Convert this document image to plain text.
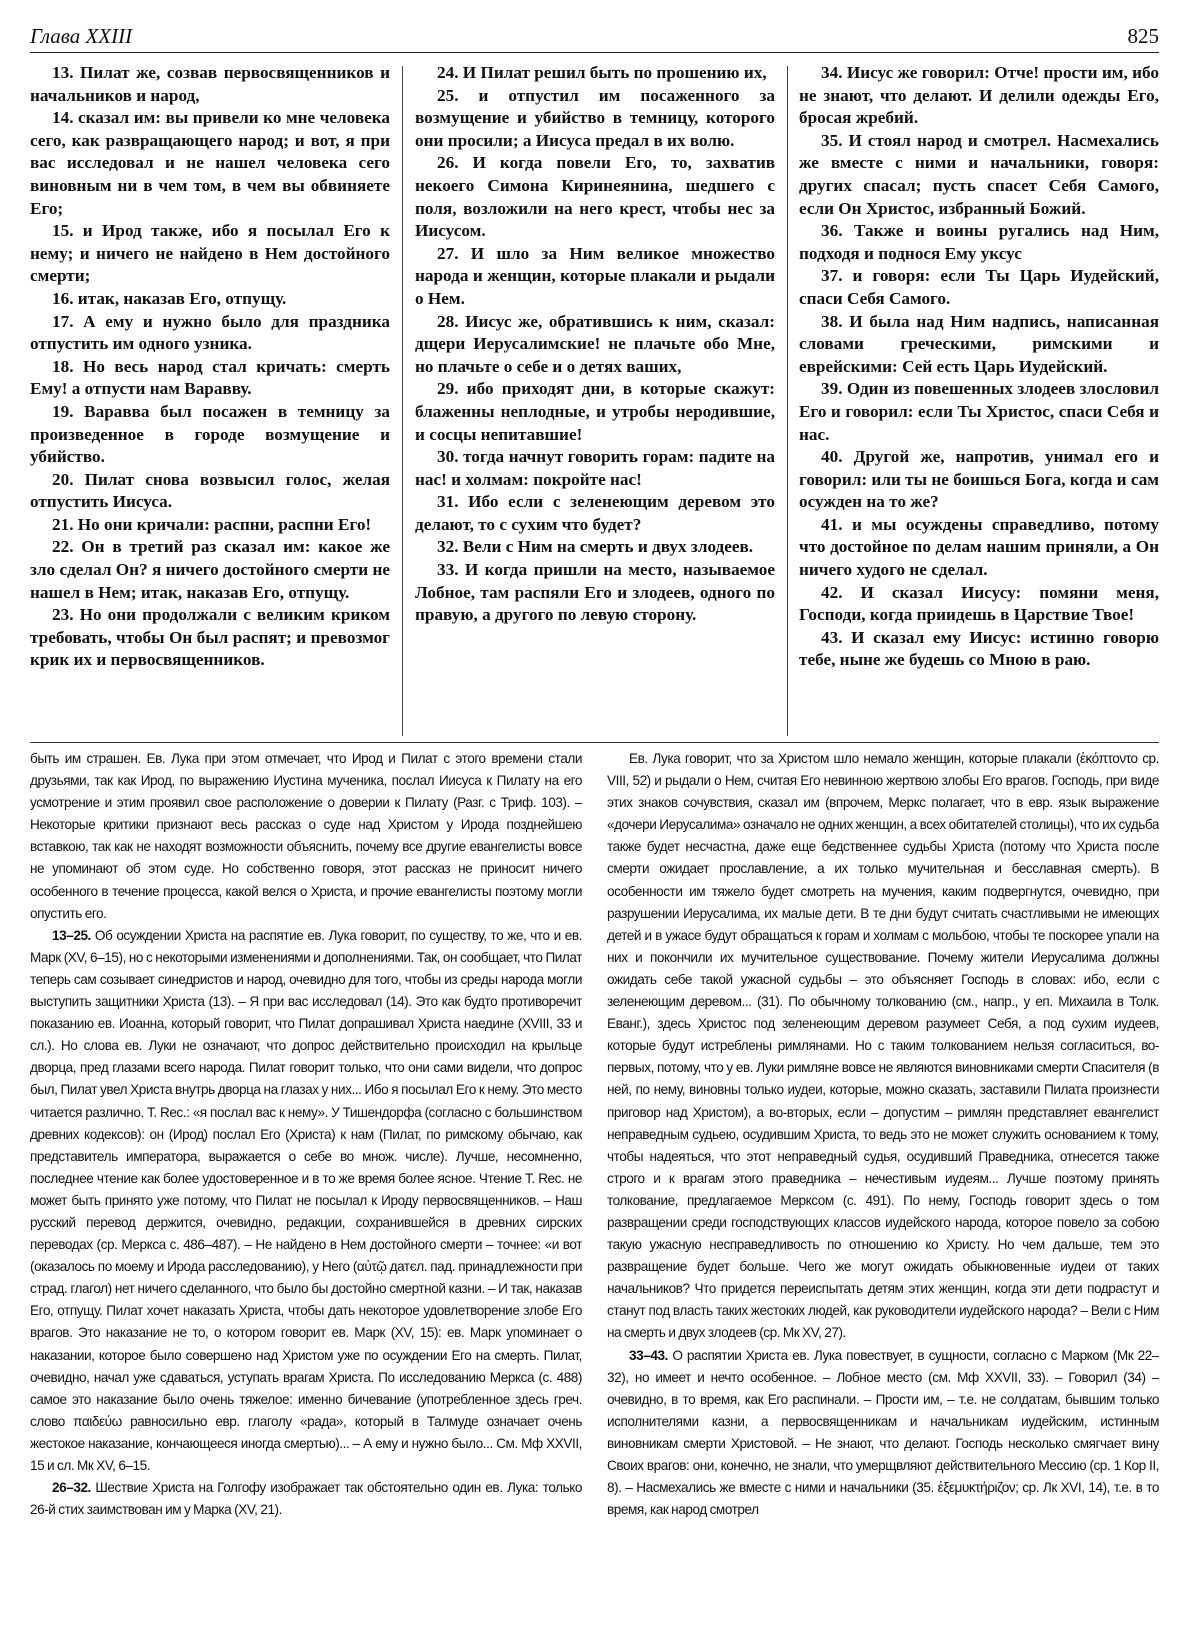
Глава XXIII	825

13. Пилат же, созвав первосвященников и начальников и народ,

14. сказал им: вы привели ко мне человека сего, как развращающего народ; и вот, я при вас исследовал и не нашел человека сего виновным ни в чем том, в чем вы обвиняете Его;

15. и Ирод также, ибо я посылал Его к нему; и ничего не найдено в Нем достойного смерти;

16. итак, наказав Его, отпущу.

17. А ему и нужно было для праздника отпустить им одного узника.

18. Но весь народ стал кричать: смерть Ему! а отпусти нам Варавву.

19. Варавва был посажен в темницу за произведенное в городе возмущение и убийство.

20. Пилат снова возвысил голос, желая отпустить Иисуса.

21. Но они кричали: распни, распни Его!

22. Он в третий раз сказал им: какое же зло сделал Он? я ничего достойного смерти не нашел в Нем; итак, наказав Его, отпущу.

23. Но они продолжали с великим криком требовать, чтобы Он был распят; и превозмог крик их и первосвященников.

24. И Пилат решил быть по прошению их,

25. и отпустил им посаженного за возмущение и убийство в темницу, которого они просили; а Иисуса предал в их волю.

26. И когда повели Его, то, захватив некоего Симона Киринеянина, шедшего с поля, возложили на него крест, чтобы нес за Иисусом.

27. И шло за Ним великое множество народа и женщин, которые плакали и рыдали о Нем.

28. Иисус же, обратившись к ним, сказал: дщери Иерусалимские! не плачьте обо Мне, но плачьте о себе и о детях ваших,

29. ибо приходят дни, в которые скажут: блаженны неплодные, и утробы неродившие, и сосцы непитавшие!

30. тогда начнут говорить горам: падите на нас! и холмам: покройте нас!

31. Ибо если с зеленеющим деревом это делают, то с сухим что будет?

32. Вели с Ним на смерть и двух злодеев.

33. И когда пришли на место, называемое Лобное, там распяли Его и злодеев, одного по правую, а другого по левую сторону.

34. Иисус же говорил: Отче! прости им, ибо не знают, что делают. И делили одежды Его, бросая жребий.

35. И стоял народ и смотрел. Насмехались же вместе с ними и начальники, говоря: других спасал; пусть спасет Себя Самого, если Он Христос, избранный Божий.

36. Также и воины ругались над Ним, подходя и поднося Ему уксус

37. и говоря: если Ты Царь Иудейский, спаси Себя Самого.

38. И была над Ним надпись, написанная словами греческими, римскими и еврейскими: Сей есть Царь Иудейский.

39. Один из повешенных злодеев злословил Его и говорил: если Ты Христос, спаси Себя и нас.

40. Другой же, напротив, унимал его и говорил: или ты не боишься Бога, когда и сам осужден на то же?

41. и мы осуждены справедливо, потому что достойное по делам нашим приняли, а Он ничего худого не сделал.

42. И сказал Иисусу: помяни меня, Господи, когда приидешь в Царствие Твое!

43. И сказал ему Иисус: истинно говорю тебе, ныне же будешь со Мною в раю.

быть им страшен. Ев. Лука при этом отмечает, что Ирод и Пилат с этого времени стали друзьями, так как Ирод, по выражению Иустина мученика, послал Иисуса к Пилату на его усмотрение и этим проявил свое расположение о доверии к Пилату (Разг. с Триф. 103). – Некоторые критики признают весь рассказ о суде над Христом у Ирода позднейшею вставкою, так как не находят возможности объяснить, почему все другие евангелисты вовсе не упоминают об этом суде. Но собственно говоря, этот рассказ не приносит ничего особенного в течение процесса, какой велся о Христа, и прочие евангелисты поэтому могли опустить его.

13–25. Об осуждении Христа на распятие ев. Лука говорит, по существу, то же, что и ев. Марк (XV, 6–15), но с некоторыми изменениями и дополнениями. Так, он сообщает, что Пилат теперь сам созывает синедристов и народ, очевидно для того, чтобы из среды народа могли выступить защитники Христа (13). – Я при вас исследовал (14). Это как будто противоречит показанию ев. Иоанна, который говорит, что Пилат допрашивал Христа наедине (XVIII, 33 и сл.). Но слова ев. Луки не означают, что допрос действительно происходил на крыльце дворца, пред глазами всего народа. Пилат говорит только, что они сами видели, что допрос был, Пилат увел Христа внутрь дворца на глазах у них... Ибо я посылал Его к нему. Это место читается различно. T. Rec.: «я послал вас к нему». У Тишендорфа (согласно с большинством древних кодексов): он (Ирод) послал Его (Христа) к нам (Пилат, по римскому обычаю, как представитель императора, выражается о себе во множ. числе). Лучше, несомненно, последнее чтение как более удостоверенное и в то же время более ясное. Чтение T. Rec. не может быть принято уже потому, что Пилат не посылал к Ироду первосвященников. – Наш русский перевод держится, очевидно, редакции, сохранившейся в древних сирских переводах (ср. Меркса с. 486–487). – Не найдено в Нем достойного смерти – точнее: «и вот (оказалось по моему и Ирода расследованию), у Него (αὐτῷ датєл. пад. принадлежности при страд. глагол) нет ничего сделанного, что было бы достойно смертной казни. – И так, наказав Его, отпущу. Пилат хочет наказать Христа, чтобы дать некоторое удовлетворение злобе Его врагов. Это наказание не то, о котором говорит ев. Марк (XV, 15): ев. Марк упоминает о наказании, которое было совершено над Христом уже по осуждении Его на смерть. Пилат, очевидно, начал уже сдаваться, уступать врагам Христа. По исследованию Меркса (с. 488) самое это наказание было очень тяжелое: именно бичевание (употребленное здесь греч. слово παιδεύω равносильно евр. глаголу «рада», который в Талмуде означает очень жестокое наказание, кончающееся иногда смертью)... – А ему и нужно было... См. Мф XXVII, 15 и сл. Мк XV, 6–15.

26–32. Шествие Христа на Голгофу изображает так обстоятельно один ев. Лука: только 26-й стих заимствован им у Марка (XV, 21).

Ев. Лука говорит, что за Христом шло немало женщин, которые плакали (ἐκόπτοντο ср. VIII, 52) и рыдали о Нем, считая Его невинною жертвою злобы Его врагов. Господь, при виде этих знаков сочувствия, сказал им (впрочем, Меркс полагает, что в евр. язык выражение «дочери Иерусалима» означало не одних женщин, а всех обитателей столицы), что их судьба также будет несчастна, даже еще бедственнее судьбы Христа (потому что Христа после смерти ожидает прославление, а их только мучительная и бесславная смерть). В особенности им тяжело будет смотреть на мучения, каким подвергнутся, очевидно, при разрушении Иерусалима, их малые дети. В те дни будут считать счастливыми не имеющих детей и в ужасе будут обращаться к горам и холмам с мольбою, чтобы те поскорее упали на них и покончили их мучительное существование. Почему жители Иерусалима должны ожидать себе такой ужасной судьбы – это объясняет Господь в словах: ибо, если с зеленеющим деревом... (31). По обычному толкованию (см., напр., у еп. Михаила в Толк. Еванг.), здесь Христос под зеленеющим деревом разумеет Себя, а под сухим иудеев, которые будут истреблены римлянами. Но с таким толкованием нельзя согласиться, во-первых, потому, что у ев. Луки римляне вовсе не являются виновниками смерти Спасителя (в ней, по нему, виновны только иудеи, которые, можно сказать, заставили Пилата произнести приговор над Христом), а во-вторых, если – допустим – римлян представляет евангелист неправедным судьею, осудившим Христа, то ведь это не может служить основанием к тому, чтобы надеяться, что этот неправедный судья, осудивший Праведника, отнесется также строго и к врагам этого праведника – нечестивым иудеям... Лучше поэтому принять толкование, предлагаемое Мерксом (с. 491). По нему, Господь говорит здесь о том развращении среди господствующих классов иудейского народа, которое повело за собою такую ужасную несправедливость по отношению ко Христу. Но чем дальше, тем это развращение будет больше. Чего же могут ожидать обыкновенные иудеи от таких начальников? Что придется переиспытать детям этих женщин, когда эти дети подрастут и станут под власть таких жестоких людей, как руководители иудейского народа? – Вели с Ним на смерть и двух злодеев (ср. Мк XV, 27).

33–43. О распятии Христа ев. Лука повествует, в сущности, согласно с Марком (Мк 22–32), но имеет и нечто особенное. – Лобное место (см. Мф XXVII, 33). – Говорил (34) – очевидно, в то время, как Его распинали. – Прости им, – т.е. не солдатам, бывшим только исполнителями казни, а первосвященникам и начальникам иудейским, истинным виновникам смерти Христовой. – Не знают, что делают. Господь несколько смягчает вину Своих врагов: они, конечно, не знали, что умерщвляют действительного Мессию (ср. 1 Кор II, 8). – Насмехались же вместе с ними и начальники (35. ἐξεμυκτήριζον; ср. Лк XVI, 14), т.е. в то время, как народ смотрел
